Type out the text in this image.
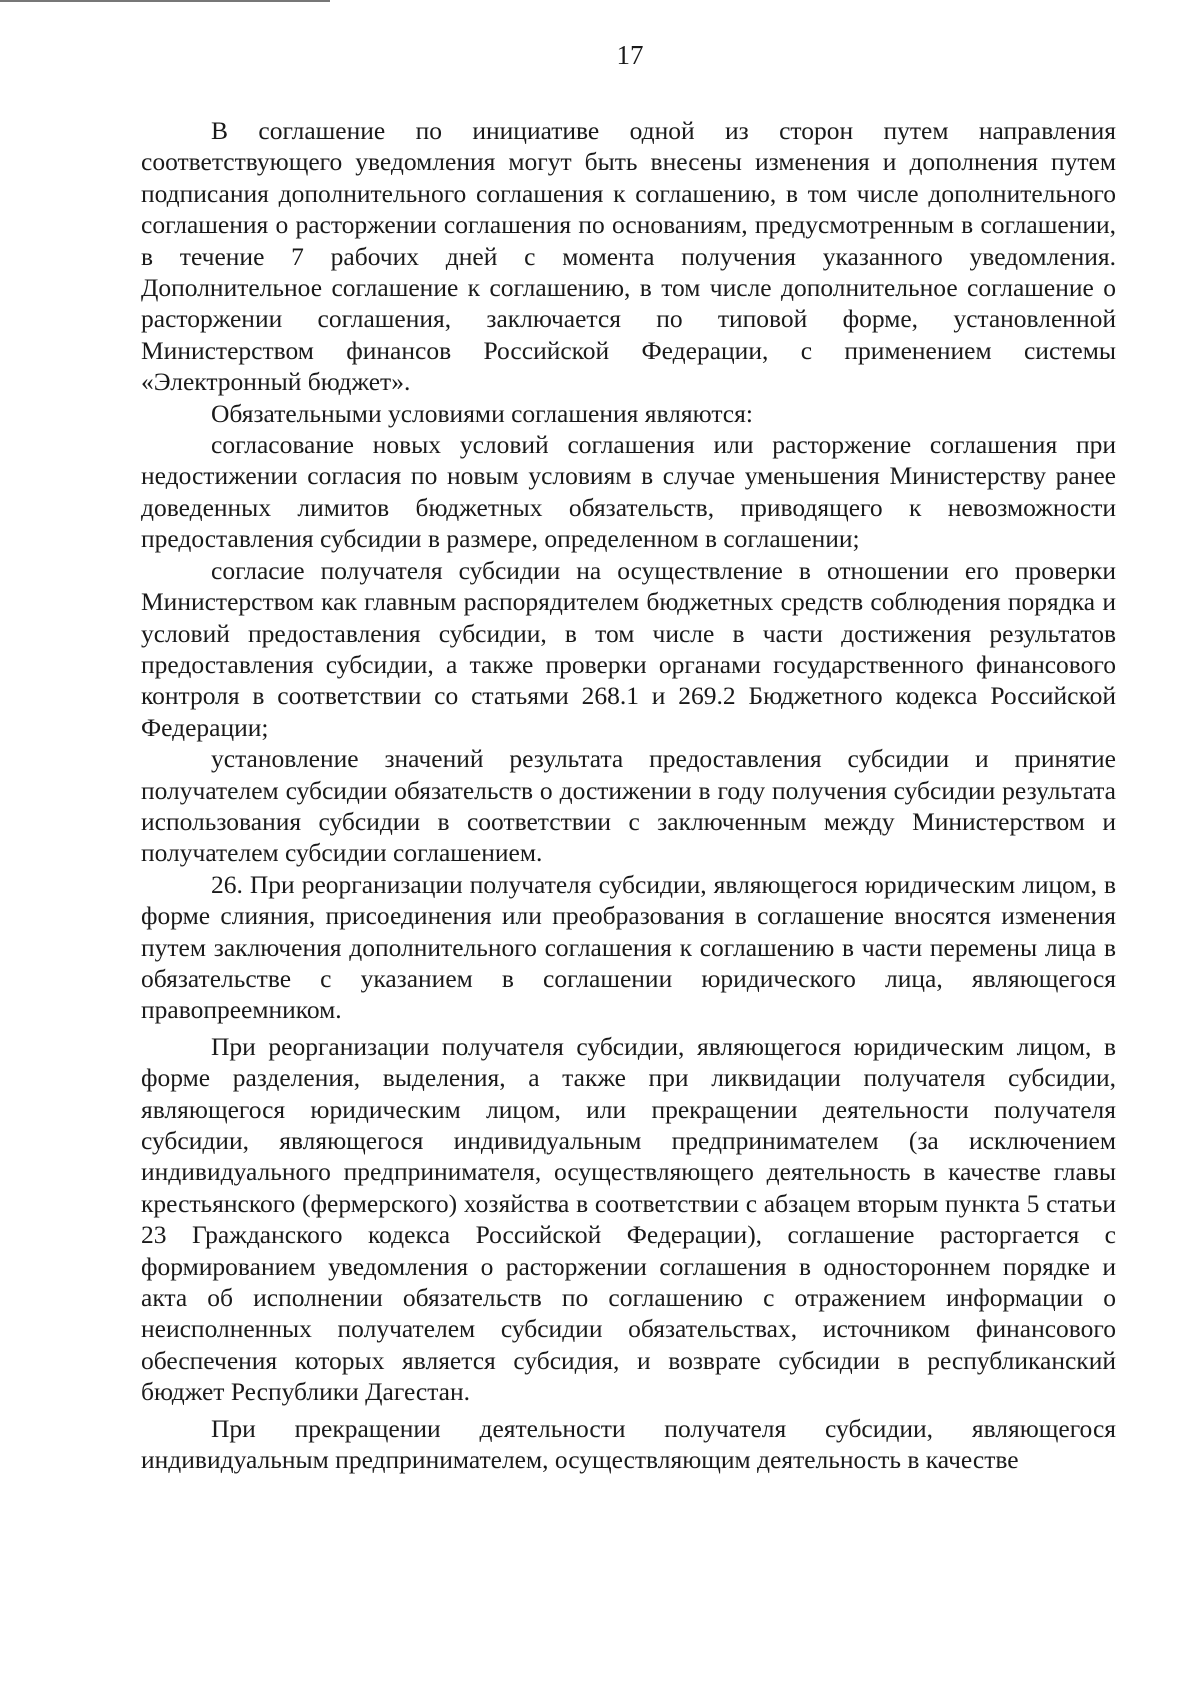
17

В соглашение по инициативе одной из сторон путем направления соответствующего уведомления могут быть внесены изменения и дополнения путем подписания дополнительного соглашения к соглашению, в том числе дополнительного соглашения о расторжении соглашения по основаниям, предусмотренным в соглашении, в течение 7 рабочих дней с момента получения указанного уведомления. Дополнительное соглашение к соглашению, в том числе дополнительное соглашение о расторжении соглашения, заключается по типовой форме, установленной Министерством финансов Российской Федерации, с применением системы «Электронный бюджет».

Обязательными условиями соглашения являются:

согласование новых условий соглашения или расторжение соглашения при недостижении согласия по новым условиям в случае уменьшения Министерству ранее доведенных лимитов бюджетных обязательств, приводящего к невозможности предоставления субсидии в размере, определенном в соглашении;

согласие получателя субсидии на осуществление в отношении его проверки Министерством как главным распорядителем бюджетных средств соблюдения порядка и условий предоставления субсидии, в том числе в части достижения результатов предоставления субсидии, а также проверки органами государственного финансового контроля в соответствии со статьями 268.1 и 269.2 Бюджетного кодекса Российской Федерации;

установление значений результата предоставления субсидии и принятие получателем субсидии обязательств о достижении в году получения субсидии результата использования субсидии в соответствии с заключенным между Министерством и получателем субсидии соглашением.

26. При реорганизации получателя субсидии, являющегося юридическим лицом, в форме слияния, присоединения или преобразования в соглашение вносятся изменения путем заключения дополнительного соглашения к соглашению в части перемены лица в обязательстве с указанием в соглашении юридического лица, являющегося правопреемником.

При реорганизации получателя субсидии, являющегося юридическим лицом, в форме разделения, выделения, а также при ликвидации получателя субсидии, являющегося юридическим лицом, или прекращении деятельности получателя субсидии, являющегося индивидуальным предпринимателем (за исключением индивидуального предпринимателя, осуществляющего деятельность в качестве главы крестьянского (фермерского) хозяйства в соответствии с абзацем вторым пункта 5 статьи 23 Гражданского кодекса Российской Федерации), соглашение расторгается с формированием уведомления о расторжении соглашения в одностороннем порядке и акта об исполнении обязательств по соглашению с отражением информации о неисполненных получателем субсидии обязательствах, источником финансового обеспечения которых является субсидия, и возврате субсидии в республиканский бюджет Республики Дагестан.

При прекращении деятельности получателя субсидии, являющегося индивидуальным предпринимателем, осуществляющим деятельность в качестве
